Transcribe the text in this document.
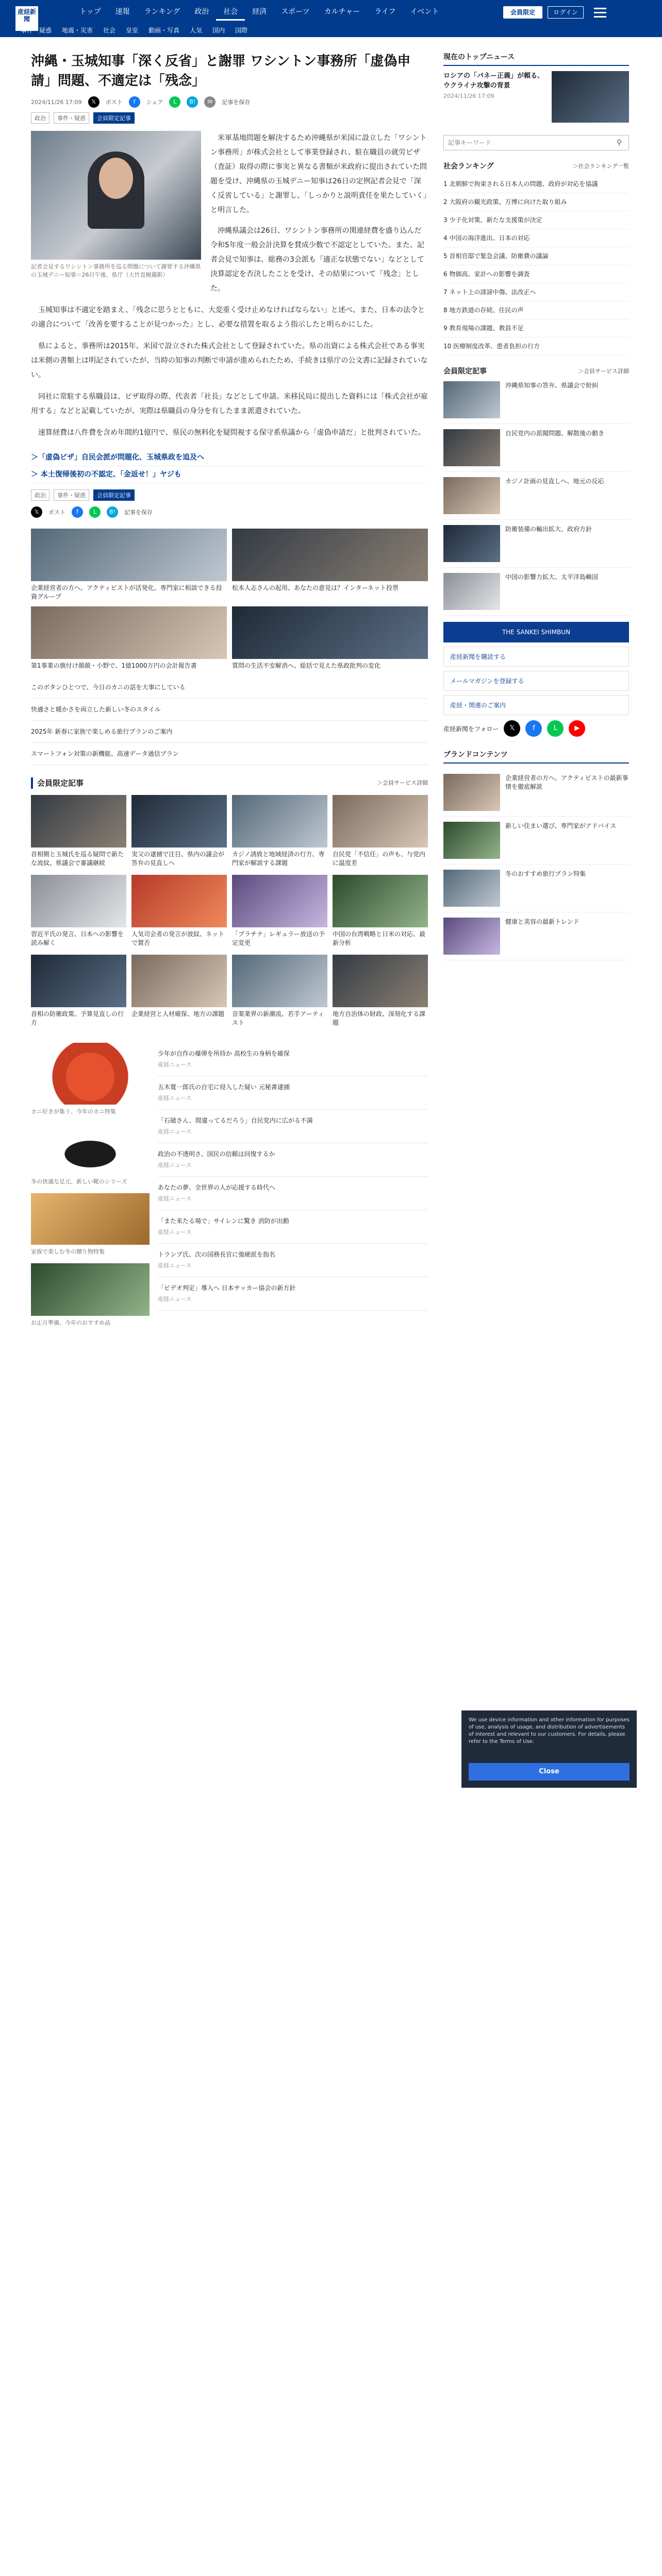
産経新聞
トップ	速報	ランキング	政治	社会	経済	スポーツ	カルチャー	ライフ	イベント	会員限定	ログイン
事件・疑惑	地震・災害	社会	皇室	動画・写真	人気	国内	国際
沖縄・玉城知事「深く反省」と謝罪 ワシントン事務所「虚偽申請」問題、不適定は「残念」
2024/11/26 17:09	𝕏	ポスト	f	シェア	L	B!	✉	記事を保存
政治	事件・疑惑	会員限定記事
記者会見するワシントン事務所を巡る問題について謝罪する沖縄県の玉城デニー知事＝26日午後、県庁（大竹直樹撮影）

米軍基地問題を解決するため沖縄県が米国に設立した「ワシントン事務所」が株式会社として事業登録され、駐在職員の就労ビザ（査証）取得の際に事実と異なる書類が米政府に提出されていた問題を受け、沖縄県の玉城デニー知事は26日の定例記者会見で「深く反省している」と謝罪し、「しっかりと説明責任を果たしていく」と明言した。

沖縄県議会は26日、ワシントン事務所の関連経費を盛り込んだ令和5年度一般会計決算を賛成少数で不認定としていた。また、記者会見で知事は、総務の3会派も「適正な状態でない」などとして決算認定を否決したことを受け、その結果について「残念」とした。

玉城知事は不適定を踏まえ、「残念に思うとともに、大変重く受け止めなければならない」と述べ、また、日本の法令との適合について「改善を要することが見つかった」とし、必要な措置を取るよう指示したと明らかにした。

県によると、事務所は2015年、米国で設立された株式会社として登録されていた。県の出資による株式会社である事実は米側の書類上は明記されていたが、当時の知事の判断で申請が進められたため、手続きは県庁の公文書に記録されていない。

同社に常駐する県職員は、ビザ取得の際、代表者「社長」などとして申請。米移民局に提出した資料には「株式会社が雇用する」などと記載していたが、実際は県職員の身分を有したまま派遣されていた。

速算経費は八件費を含め年間約1億円で、県民の無料化を疑問視する保守系県議から「虚偽申請だ」と批判されていた。

＞「虚偽ビザ」自民会派が問題化、玉城県政を追及へ
＞ 本土復帰後初の不認定、「金返せ！」ヤジも
政治	事件・疑惑	会員限定記事
𝕏	ポスト	f	L	B!	記事を保存
企業経営者の方へ。アクティビストが活発化。専門家に相談できる投資グループ
松本人志さんの起用、あなたの意見は？インターネット投票
第1事業の旗付け顔顔・小野で、1億1000万円の会計報告書	質問の生活不安解消へ、総括で見えた県政批判の変化
このボタンひとつで、今日のカニの話を大事にしている
快適さと暖かさを両立した新しい冬のスタイル
2025年 新春に家族で楽しめる旅行プランのご案内
スマートフォン対策の新機能、高速データ通信プラン
会員限定記事	＞会員サービス詳細
首相側と玉城氏を巡る疑問で新たな波紋、県議会で審議継続
実父の逮捕で注目、県内の議会が答弁の見直しへ
カジノ誘致と地域経済の行方、専門家が解説する課題
自民党「不信任」の声も、与党内に温度差
習近平氏の発言、日本への影響を読み解く
人気司会者の発言が波紋、ネットで賛否
「プラチナ」レギュラー放送の予定変更
中国の台湾戦略と日米の対応、最新分析
首相の防衛政策、予算見直しの行方
企業経営と人材確保、地方の課題	音楽業界の新潮流、若手アーティスト
地方自治体の財政、深刻化する課題
カニ好きが集う、今年のカニ特集
冬の快適な足元、新しい靴のシリーズ
家族で楽しむ冬の贈り物特集
お正月準備、今年のおすすめ品
少年が自作の爆弾を所持か 高校生の身柄を確保
産経ニュース
五木寛一郎氏の自宅に侵入した疑い 元秘書逮捕
産経ニュース
「石破さん、間違ってるだろう」自民党内に広がる不満
産経ニュース
政治の不透明さ、国民の信頼は回復するか
産経ニュース
あなたの夢、全世界の人が応援する時代へ
産経ニュース
「また来たる場で」サイレンに驚き 消防が出動
産経ニュース
トランプ氏、次の国務長官に強硬派を指名
産経ニュース
「ビデオ判定」導入へ 日本サッカー協会の新方針
産経ニュース
現在のトップニュース
ロシアの「パネー正義」が頼る、ウクライナ攻撃の背景
2024/11/26 17:09
記事キーワード
⚲
社会ランキング	＞社会ランキング一覧
1 北朝鮮で拘束される日本人の問題、政府が対応を協議
2 大阪府の観光政策、万博に向けた取り組み
3 少子化対策、新たな支援策が決定
4 中国の海洋進出、日本の対応
5 首相官邸で緊急会議、防衛費の議論
6 物価高、家計への影響を調査
7 ネット上の誹謗中傷、法改正へ
8 地方鉄道の存続、住民の声
9 教育現場の課題、教員不足
10 医療制度改革、患者負担の行方
会員限定記事	＞会員サービス詳細
沖縄県知事の答弁、県議会で紛糾
自民党内の派閥問題、解散後の動き
カジノ計画の見直しへ、地元の反応
防衛装備の輸出拡大、政府方針
中国の影響力拡大、太平洋島嶼国
THE SANKEI SHIMBUN
産経新聞を購読する
メールマガジンを登録する
産経・関連のご案内
産経新聞をフォロー	𝕏	f	L	▶
ブランドコンテンツ
企業経営者の方へ。アクティビストの最新事情を徹底解説
新しい住まい選び、専門家がアドバイス
冬のおすすめ旅行プラン特集
健康と美容の最新トレンド
We use device information and other information for purposes of use, analysis of usage, and distribution of advertisements of interest and relevant to our customers. For details, please refer to the Terms of Use.
Close
